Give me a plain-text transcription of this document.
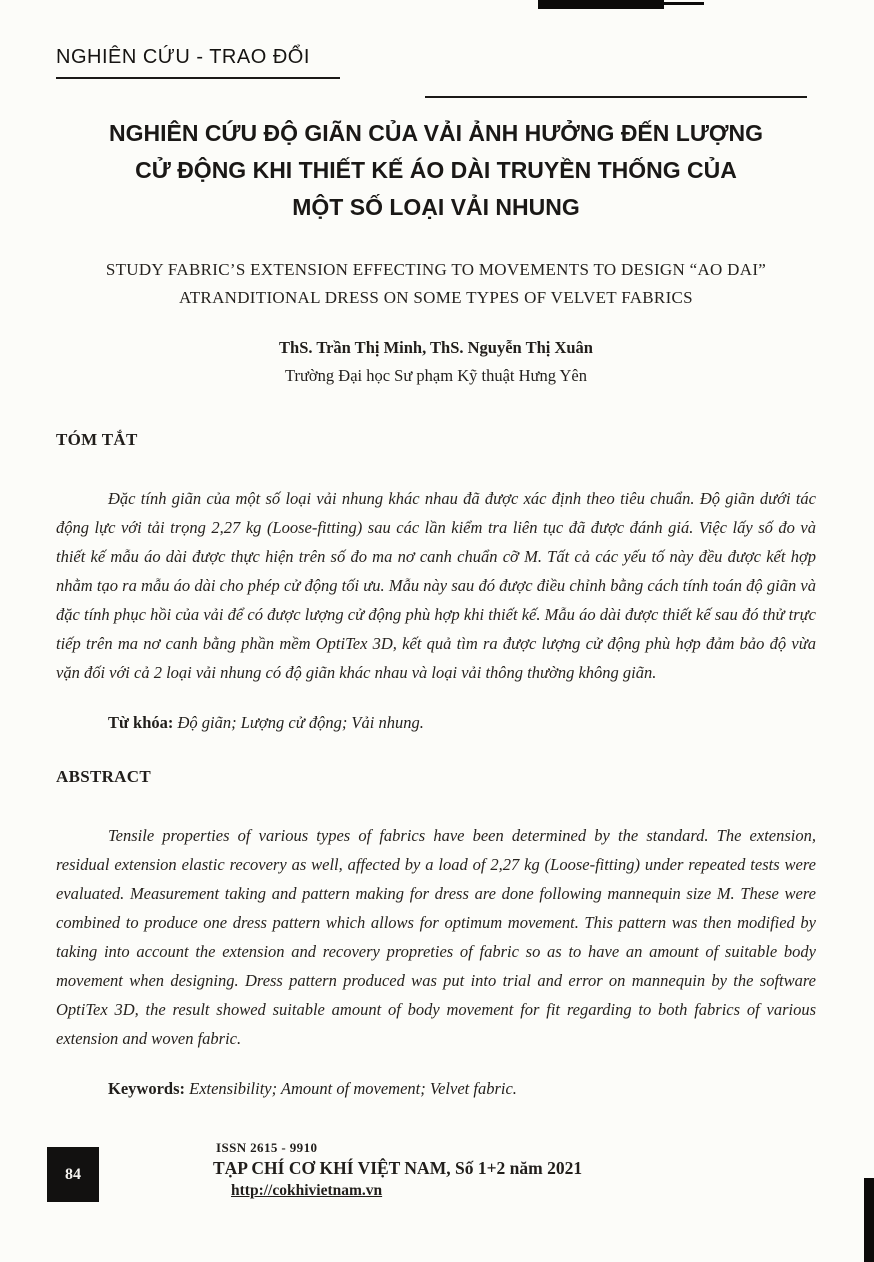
NGHIÊN CỨU - TRAO ĐỔI
NGHIÊN CỨU ĐỘ GIÃN CỦA VẢI ẢNH HƯỞNG ĐẾN LƯỢNG
CỬ ĐỘNG KHI THIẾT KẾ ÁO DÀI TRUYỀN THỐNG CỦA
MỘT SỐ LOẠI VẢI NHUNG
STUDY FABRIC’S EXTENSION EFFECTING TO MOVEMENTS TO DESIGN “AO DAI”
ATRANDITIONAL DRESS ON SOME TYPES OF VELVET FABRICS
ThS. Trần Thị Minh, ThS. Nguyễn Thị Xuân
Trường Đại học Sư phạm Kỹ thuật Hưng Yên
TÓM TẮT

Đặc tính giãn của một số loại vải nhung khác nhau đã được xác định theo tiêu chuẩn. Độ giãn dưới tác động lực với tải trọng 2,27 kg (Loose-fitting) sau các lần kiểm tra liên tục đã được đánh giá. Việc lấy số đo và thiết kế mẫu áo dài được thực hiện trên số đo ma nơ canh chuẩn cỡ M. Tất cả các yếu tố này đều được kết hợp nhằm tạo ra mẫu áo dài cho phép cử động tối ưu. Mẫu này sau đó được điều chỉnh bằng cách tính toán độ giãn và đặc tính phục hồi của vải để có được lượng cử động phù hợp khi thiết kế. Mẫu áo dài được thiết kế sau đó thử trực tiếp trên ma nơ canh bằng phần mềm OptiTex 3D, kết quả tìm ra được lượng cử động phù hợp đảm bảo độ vừa vặn đối với cả 2 loại vải nhung có độ giãn khác nhau và loại vải thông thường không giãn.

Từ khóa: Độ giãn; Lượng cử động; Vải nhung.

ABSTRACT

Tensile properties of various types of fabrics have been determined by the standard. The extension, residual extension elastic recovery as well, affected by a load of 2,27 kg (Loose-fitting) under repeated tests were evaluated. Measurement taking and pattern making for dress are done following mannequin size M. These were combined to produce one dress pattern which allows for optimum movement. This pattern was then modified by taking into account the extension and recovery propreties of fabric so as to have an amount of suitable body movement when designing. Dress pattern produced was put into trial and error on mannequin by the software OptiTex 3D, the result showed suitable amount of body movement for fit regarding to both fabrics of various extension and woven fabric.

Keywords: Extensibility; Amount of movement; Velvet fabric.

84
ISSN 2615 - 9910
TẠP CHÍ CƠ KHÍ VIỆT NAM, Số 1+2 năm 2021
http://cokhivietnam.vn
